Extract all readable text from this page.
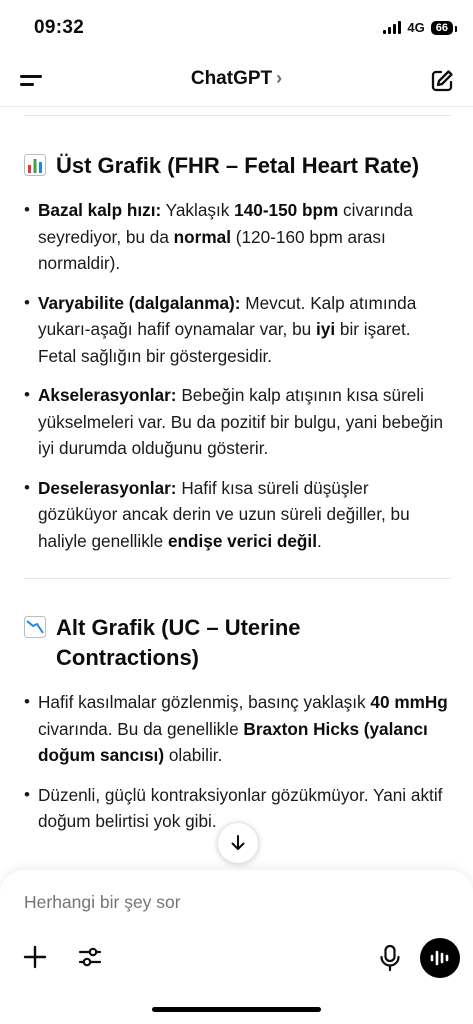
09:32	4G	66
ChatGPT ›
Üst Grafik (FHR – Fetal Heart Rate)
• Bazal kalp hızı: Yaklaşık 140-150 bpm civarında seyrediyor, bu da normal (120-160 bpm arası normaldir).
• Varyabilite (dalgalanma): Mevcut. Kalp atımında yukarı-aşağı hafif oynamalar var, bu iyi bir işaret. Fetal sağlığın bir göstergesidir.
• Akselerasyonlar: Bebeğin kalp atışının kısa süreli yükselmeleri var. Bu da pozitif bir bulgu, yani bebeğin iyi durumda olduğunu gösterir.
• Deselerasyonlar: Hafif kısa süreli düşüşler gözüküyor ancak derin ve uzun süreli değiller, bu haliyle genellikle endişe verici değil.
Alt Grafik (UC – Uterine Contractions)
• Hafif kasılmalar gözlenmiş, basınç yaklaşık 40 mmHg civarında. Bu da genellikle Braxton Hicks (yalancı doğum sancısı) olabilir.
• Düzenli, güçlü kontraksiyonlar gözükmüyor. Yani aktif doğum belirtisi yok gibi.
Herhangi bir şey sor
